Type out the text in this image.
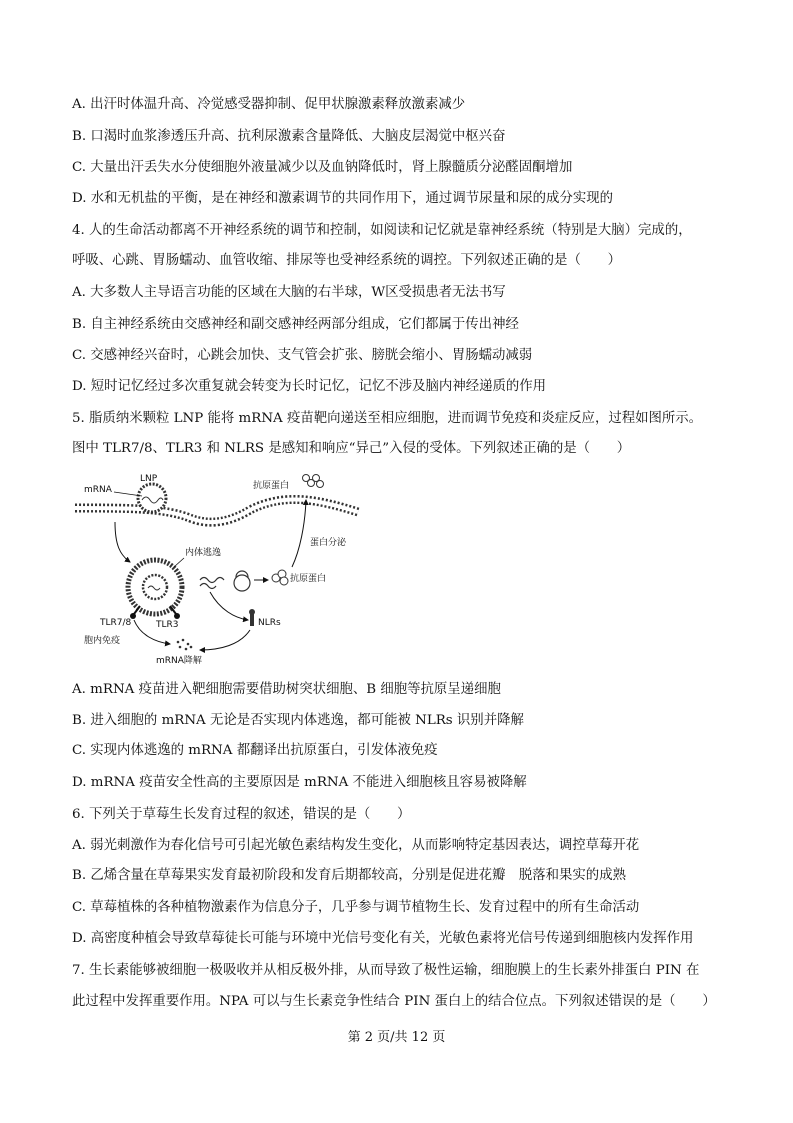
A. 出汗时体温升高、冷觉感受器抑制、促甲状腺激素释放激素减少
B. 口渴时血浆渗透压升高、抗利尿激素含量降低、大脑皮层渴觉中枢兴奋
C. 大量出汗丢失水分使细胞外液量减少以及血钠降低时，肾上腺髓质分泌醛固酮增加
D. 水和无机盐的平衡，是在神经和激素调节的共同作用下，通过调节尿量和尿的成分实现的
4. 人的生命活动都离不开神经系统的调节和控制，如阅读和记忆就是靠神经系统（特别是大脑）完成的，
呼吸、心跳、胃肠蠕动、血管收缩、排尿等也受神经系统的调控。下列叙述正确的是（　　）
A. 大多数人主导语言功能的区域在大脑的右半球，W区受损患者无法书写
B. 自主神经系统由交感神经和副交感神经两部分组成，它们都属于传出神经
C. 交感神经兴奋时，心跳会加快、支气管会扩张、膀胱会缩小、胃肠蠕动减弱
D. 短时记忆经过多次重复就会转变为长时记忆，记忆不涉及脑内神经递质的作用
5. 脂质纳米颗粒 LNP 能将 mRNA 疫苗靶向递送至相应细胞，进而调节免疫和炎症反应，过程如图所示。
图中 TLR7/8、TLR3 和 NLRS 是感知和响应“异己”入侵的受体。下列叙述正确的是（　　）
mRNA
LNP
TLR7/8	TLR3
内体逃逸
抗原蛋白
蛋白分泌
抗原蛋白
NLRs
胞内免疫
mRNA降解
A. mRNA 疫苗进入靶细胞需要借助树突状细胞、B 细胞等抗原呈递细胞
B. 进入细胞的 mRNA 无论是否实现内体逃逸，都可能被 NLRs 识别并降解
C. 实现内体逃逸的 mRNA 都翻译出抗原蛋白，引发体液免疫
D. mRNA 疫苗安全性高的主要原因是 mRNA 不能进入细胞核且容易被降解
6. 下列关于草莓生长发育过程的叙述，错误的是（　　）
A. 弱光刺激作为春化信号可引起光敏色素结构发生变化，从而影响特定基因表达，调控草莓开花
B. 乙烯含量在草莓果实发育最初阶段和发育后期都较高，分别是促进花瓣　脱落和果实的成熟
C. 草莓植株的各种植物激素作为信息分子，几乎参与调节植物生长、发育过程中的所有生命活动
D. 高密度种植会导致草莓徒长可能与环境中光信号变化有关，光敏色素将光信号传递到细胞核内发挥作用
7. 生长素能够被细胞一极吸收并从相反极外排，从而导致了极性运输，细胞膜上的生长素外排蛋白 PIN 在
此过程中发挥重要作用。NPA 可以与生长素竞争性结合 PIN 蛋白上的结合位点。下列叙述错误的是（　　）
第 2 页/共 12 页
